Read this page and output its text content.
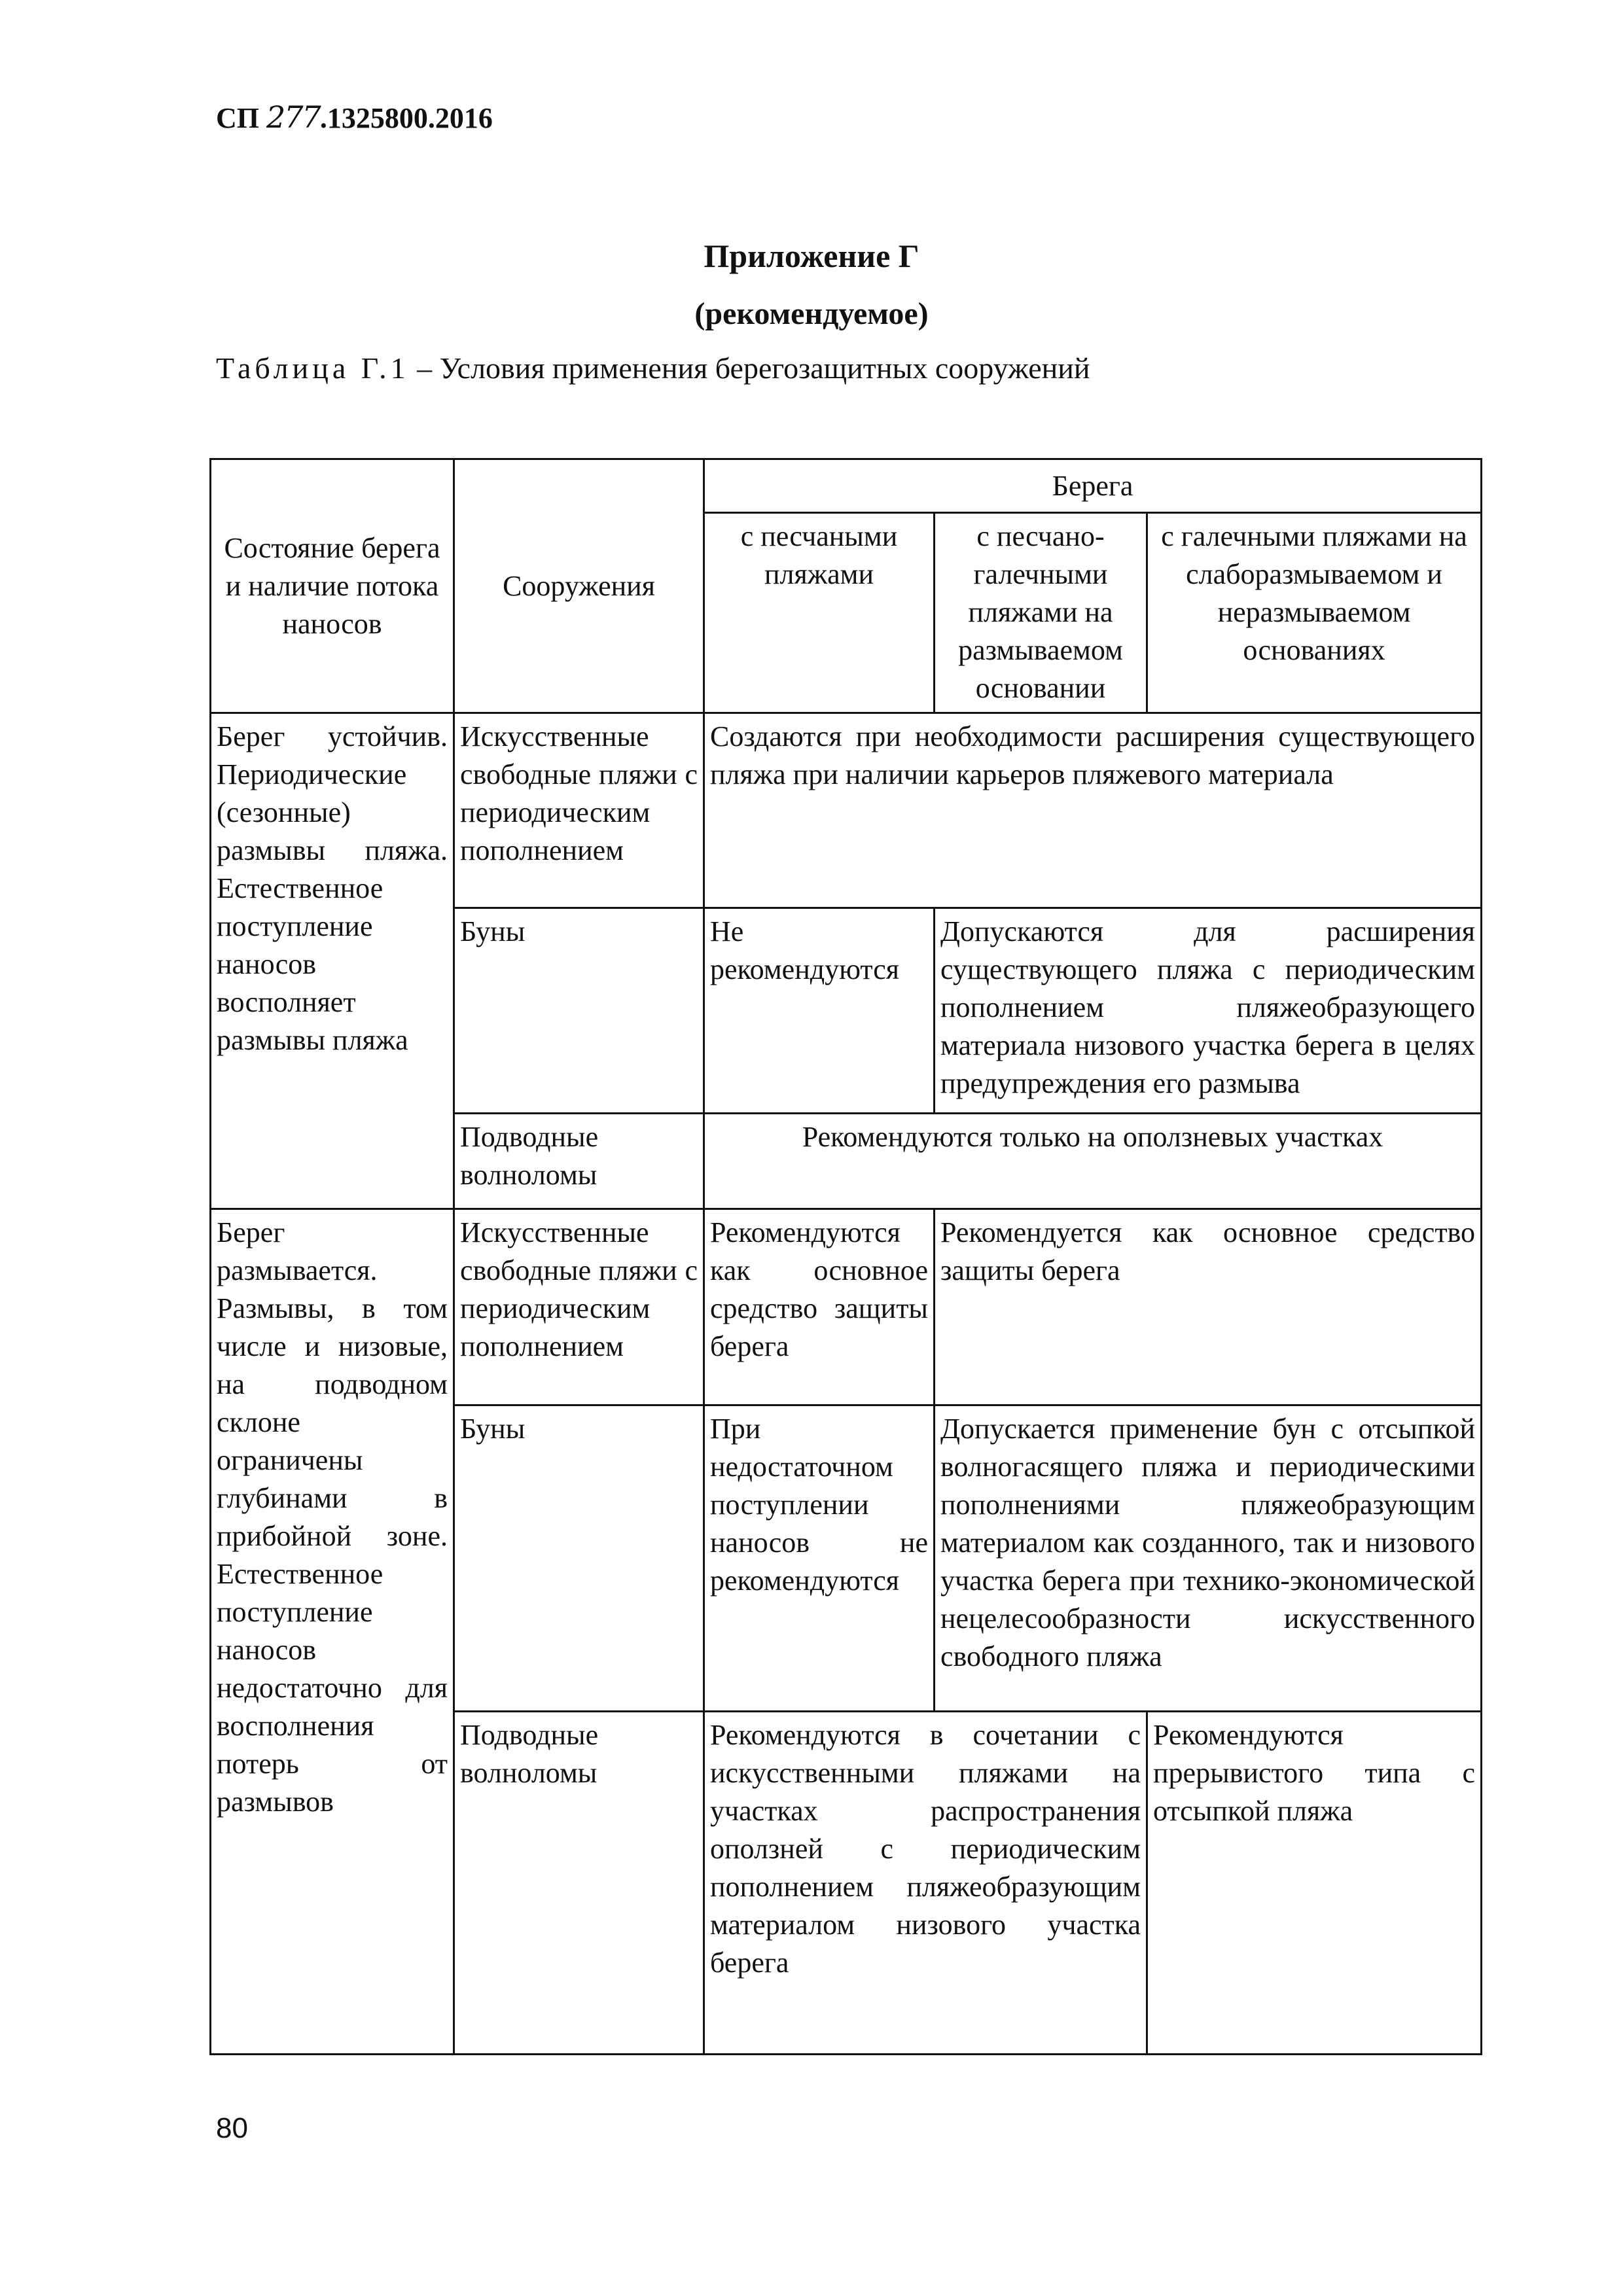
СП 277.1325800.2016
Приложение Г
(рекомендуемое)
Таблица Г.1 – Условия применения берегозащитных сооружений
Состояние берега и наличие потока наносов	Сооружения	Берега		
		с песчаными пляжами	с песчано-галечными пляжами на размываемом основании	с галечными пляжами на слаборазмываемом и неразмываемом основаниях
Берег устойчив. Периодические (сезонные) размывы пляжа. Естественное поступление наносов восполняет размывы пляжа	Искусственные свободные пляжи с периодическим пополнением	Создаются при необходимости расширения существующего пляжа при наличии карьеров пляжевого материала		
	Буны	Не рекомендуются	Допускаются для расширения существующего пляжа с периодическим пополнением пляжеобразующего материала низового участка берега в целях предупреждения его размыва	
	Подводные волноломы	Рекомендуются только на оползневых участках		
Берег размывается. Размывы, в том числе и низовые, на подводном склоне ограничены глубинами в прибойной зоне. Естественное поступление наносов недостаточно для восполнения потерь от размывов	Искусственные свободные пляжи с периодическим пополнением	Рекомендуются как основное средство защиты берега	Рекомендуется как основное средство защиты берега	
	Буны	При недостаточном поступлении наносов не рекомендуются	Допускается применение бун с отсыпкой волногасящего пляжа и периодическими пополнениями пляжеобразующим материалом как созданного, так и низового участка берега при технико-экономической нецелесообразности искусственного свободного пляжа	
	Подводные волноломы	Рекомендуются в сочетании с искусственными пляжами на участках распространения оползней с периодическим пополнением пляжеобразующим материалом низового участка берега		Рекомендуются прерывистого типа с отсыпкой пляжа
80
